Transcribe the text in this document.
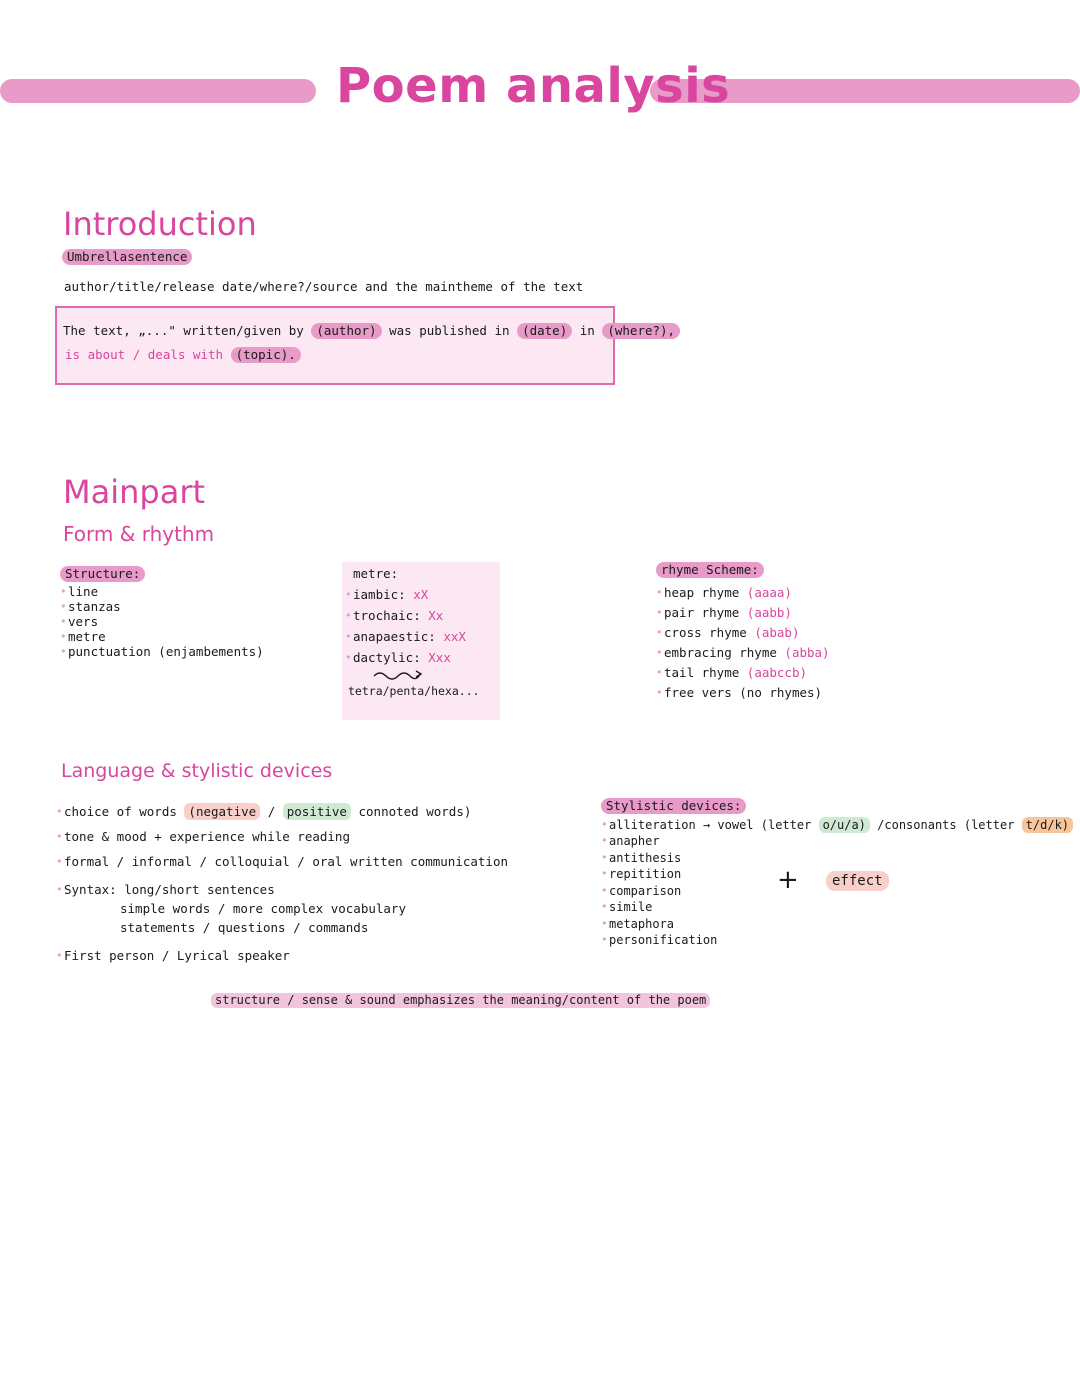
Poem analysis
Introduction
Umbrellasentence
author/title/release date/where?/source and the maintheme of the text
The text, „..." written/given by (author) was published in (date) in (where?),
is about / deals with (topic).
Mainpart
Form & rhythm
Structure:
• line
• stanzas
• vers
• metre
• punctuation (enjambements)
metre:
• iambic: xX
• trochaic: Xx
• anapaestic: xxX
• dactylic: Xxx
tetra/penta/hexa...
rhyme Scheme:
• heap rhyme (aaaa)
• pair rhyme (aabb)
• cross rhyme (abab)
• embracing rhyme (abba)
• tail rhyme (aabccb)
• free vers (no rhymes)
Language & stylistic devices
• choice of words (negative / positive connoted words)
• tone & mood + experience while reading
• formal / informal / colloquial / oral written communication
• Syntax: long/short sentences
simple words / more complex vocabulary
statements / questions / commands
• First person / Lyrical speaker
Stylistic devices:
• alliteration → vowel (letter o/u/a) /consonants (letter t/d/k)
• anapher
• antithesis
• repitition
• comparison
• simile
• metaphora
• personification
+	effect
structure / sense & sound emphasizes the meaning/content of the poem
